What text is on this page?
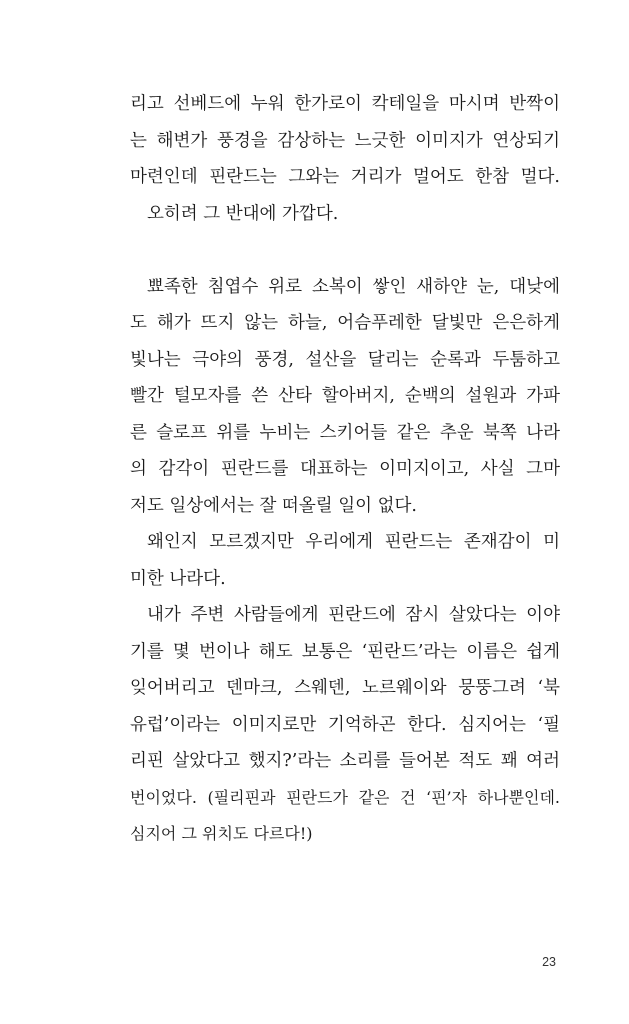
리고 선베드에 누워 한가로이 칵테일을 마시며 반짝이
는 해변가 풍경을 감상하는 느긋한 이미지가 연상되기
마련인데 핀란드는 그와는 거리가 멀어도 한참 멀다.
오히려 그 반대에 가깝다.
뾰족한 침엽수 위로 소복이 쌓인 새하얀 눈, 대낮에
도 해가 뜨지 않는 하늘, 어슴푸레한 달빛만 은은하게
빛나는 극야의 풍경, 설산을 달리는 순록과 두툼하고
빨간 털모자를 쓴 산타 할아버지, 순백의 설원과 가파
른 슬로프 위를 누비는 스키어들 같은 추운 북쪽 나라
의 감각이 핀란드를 대표하는 이미지이고, 사실 그마
저도 일상에서는 잘 떠올릴 일이 없다.
왜인지 모르겠지만 우리에게 핀란드는 존재감이 미
미한 나라다.
내가 주변 사람들에게 핀란드에 잠시 살았다는 이야
기를 몇 번이나 해도 보통은 ‘핀란드’라는 이름은 쉽게
잊어버리고 덴마크, 스웨덴, 노르웨이와 뭉뚱그려 ‘북
유럽’이라는 이미지로만 기억하곤 한다. 심지어는 ‘필
리핀 살았다고 했지?’라는 소리를 들어본 적도 꽤 여러
번이었다. (필리핀과 핀란드가 같은 건 ‘핀’자 하나뿐인데.
심지어 그 위치도 다르다!)
23
